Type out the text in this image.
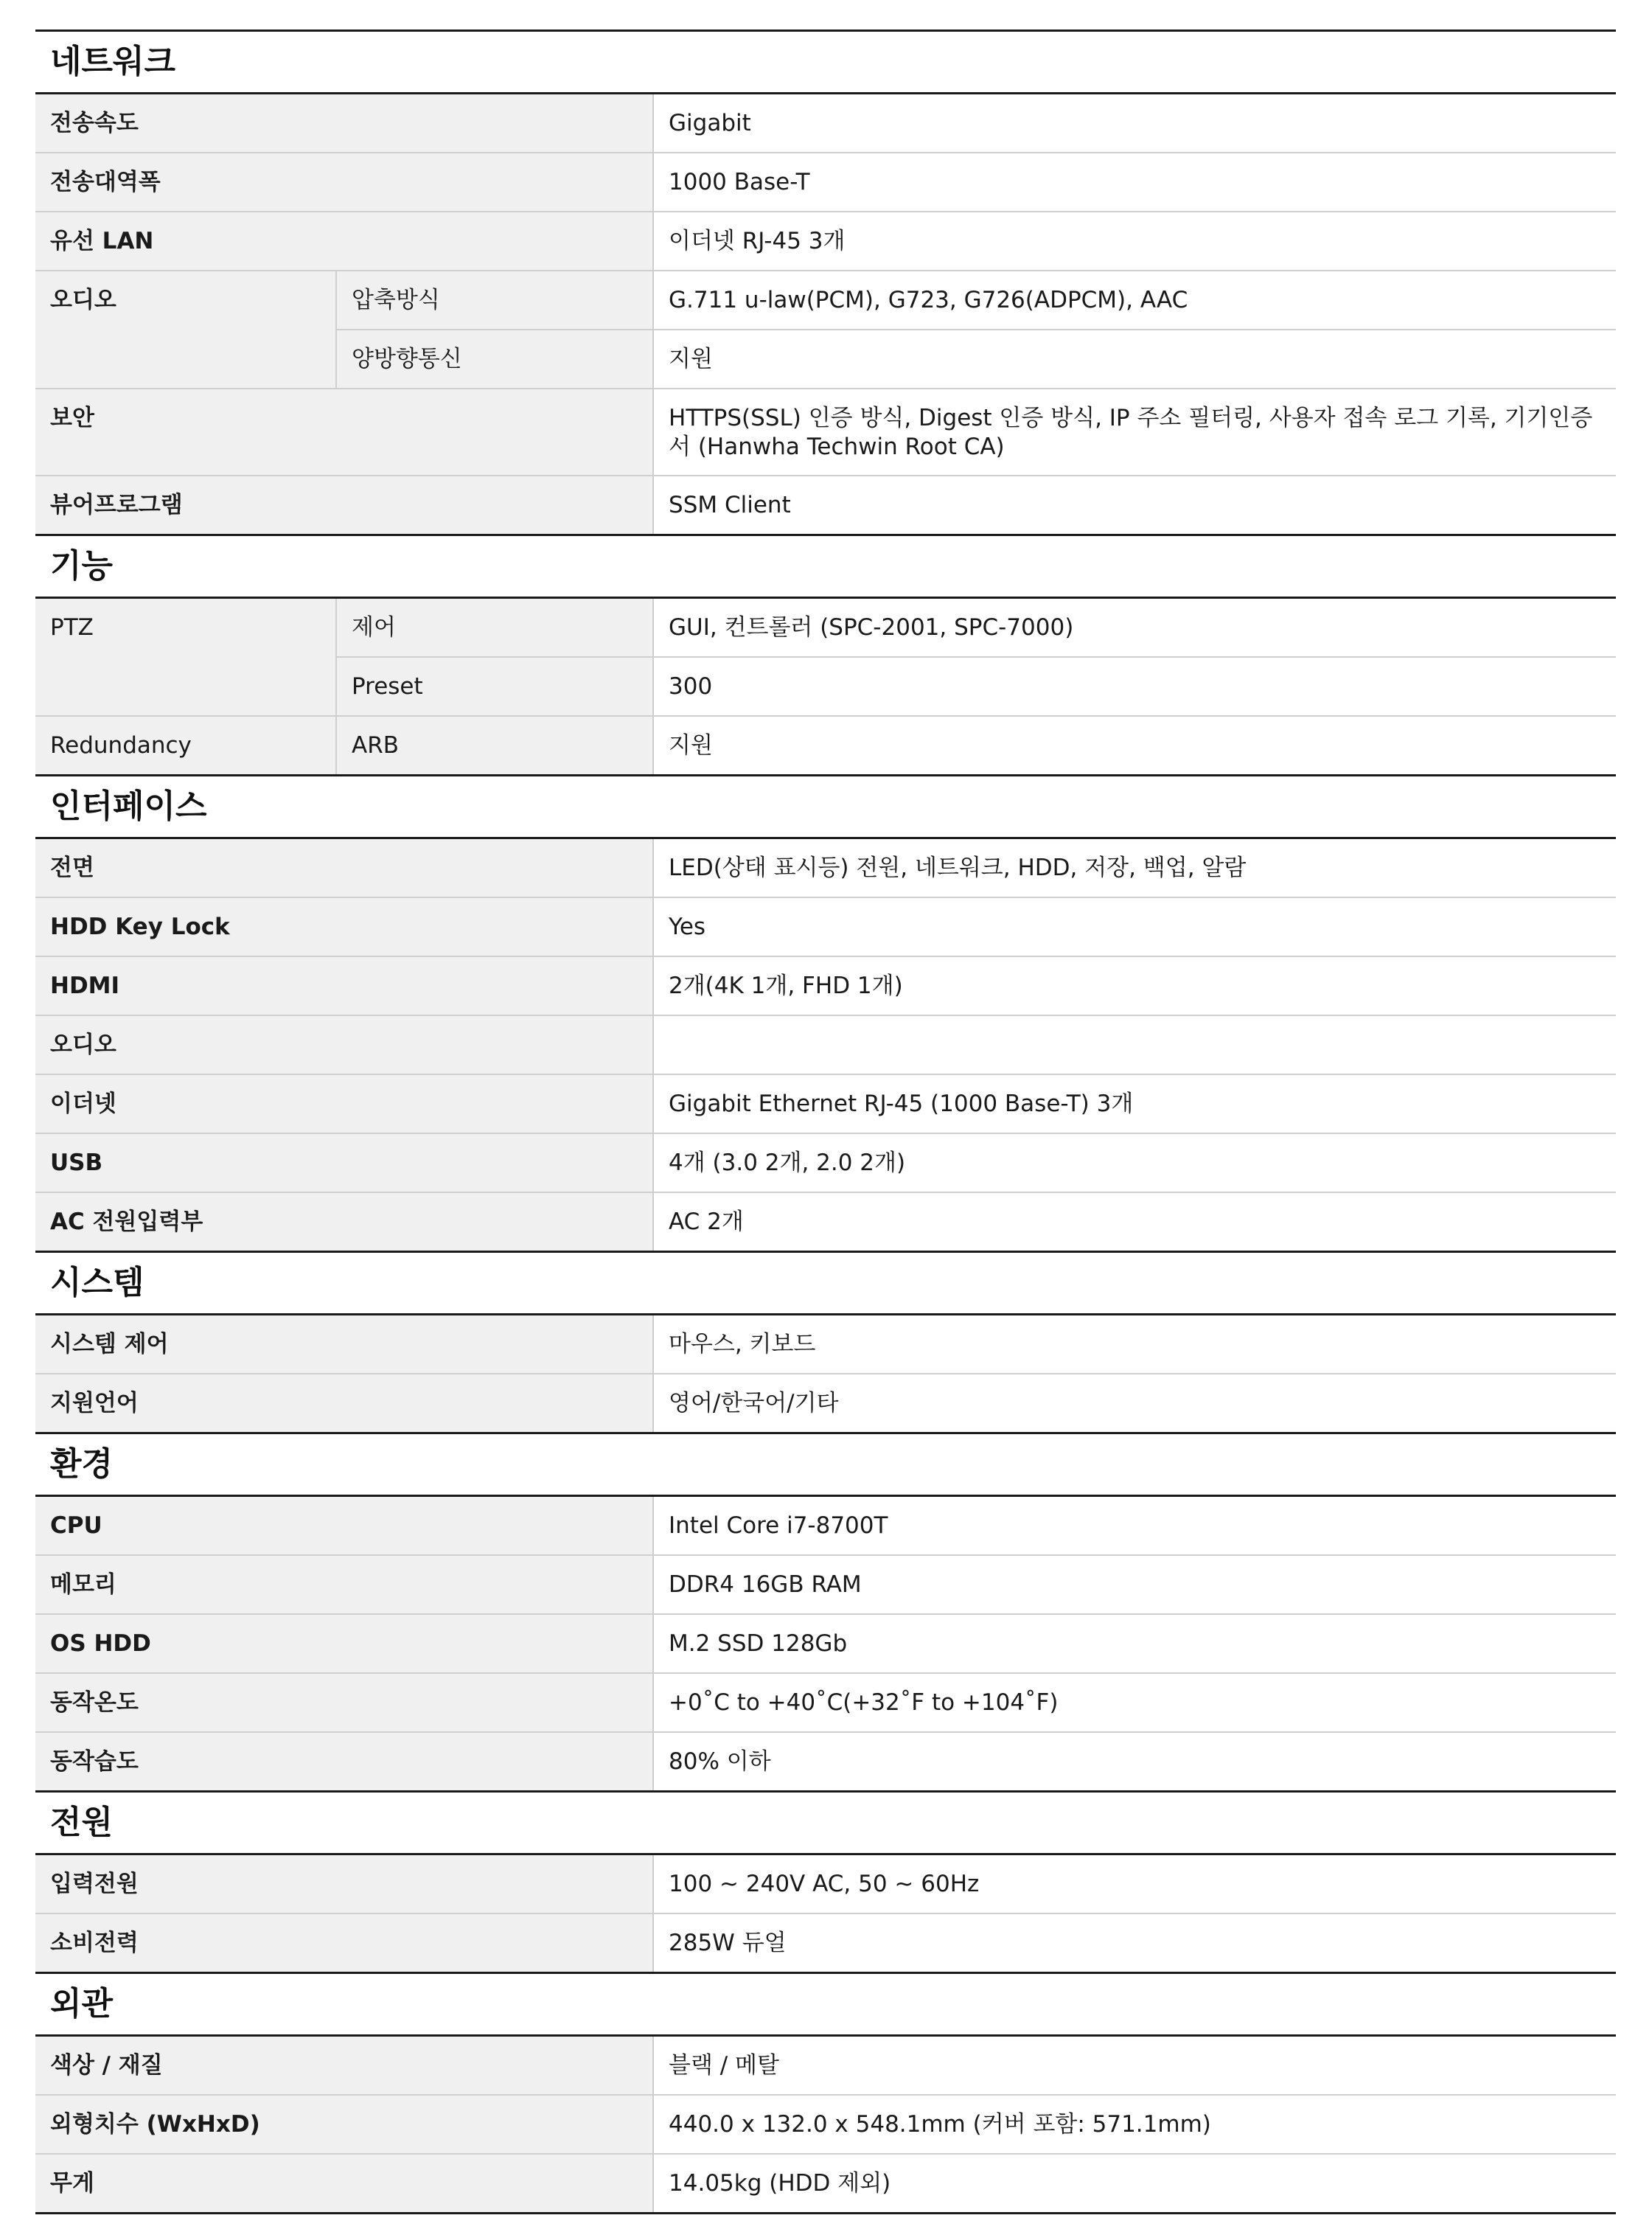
네트워크
전송속도		Gigabit
전송대역폭		1000 Base-T
유선 LAN		이더넷 RJ-45 3개
오디오	압축방식	G.711 u-law(PCM), G723, G726(ADPCM), AAC
	양방향통신	지원
보안		HTTPS(SSL) 인증 방식, Digest 인증 방식, IP 주소 필터링, 사용자 접속 로그 기록, 기기인증서 (Hanwha Techwin Root CA)
뷰어프로그램		SSM Client
기능
PTZ	제어	GUI, 컨트롤러 (SPC-2001, SPC-7000)
	Preset	300
Redundancy	ARB	지원
인터페이스
전면	LED(상태 표시등) 전원, 네트워크, HDD, 저장, 백업, 알람
HDD Key Lock	Yes
HDMI	2개(4K 1개, FHD 1개)
오디오	
이더넷	Gigabit Ethernet RJ-45 (1000 Base-T) 3개
USB	4개 (3.0 2개, 2.0 2개)
AC 전원입력부	AC 2개
시스템
시스템 제어	마우스, 키보드
지원언어	영어/한국어/기타
환경
CPU	Intel Core i7-8700T
메모리	DDR4 16GB RAM
OS HDD	M.2 SSD 128Gb
동작온도	+0˚C to +40˚C(+32˚F to +104˚F)
동작습도	80% 이하
전원
입력전원	100 ~ 240V AC, 50 ~ 60Hz
소비전력	285W 듀얼
외관
색상 / 재질	블랙 / 메탈
외형치수 (WxHxD)	440.0 x 132.0 x 548.1mm (커버 포함: 571.1mm)
무게	14.05kg (HDD 제외)
